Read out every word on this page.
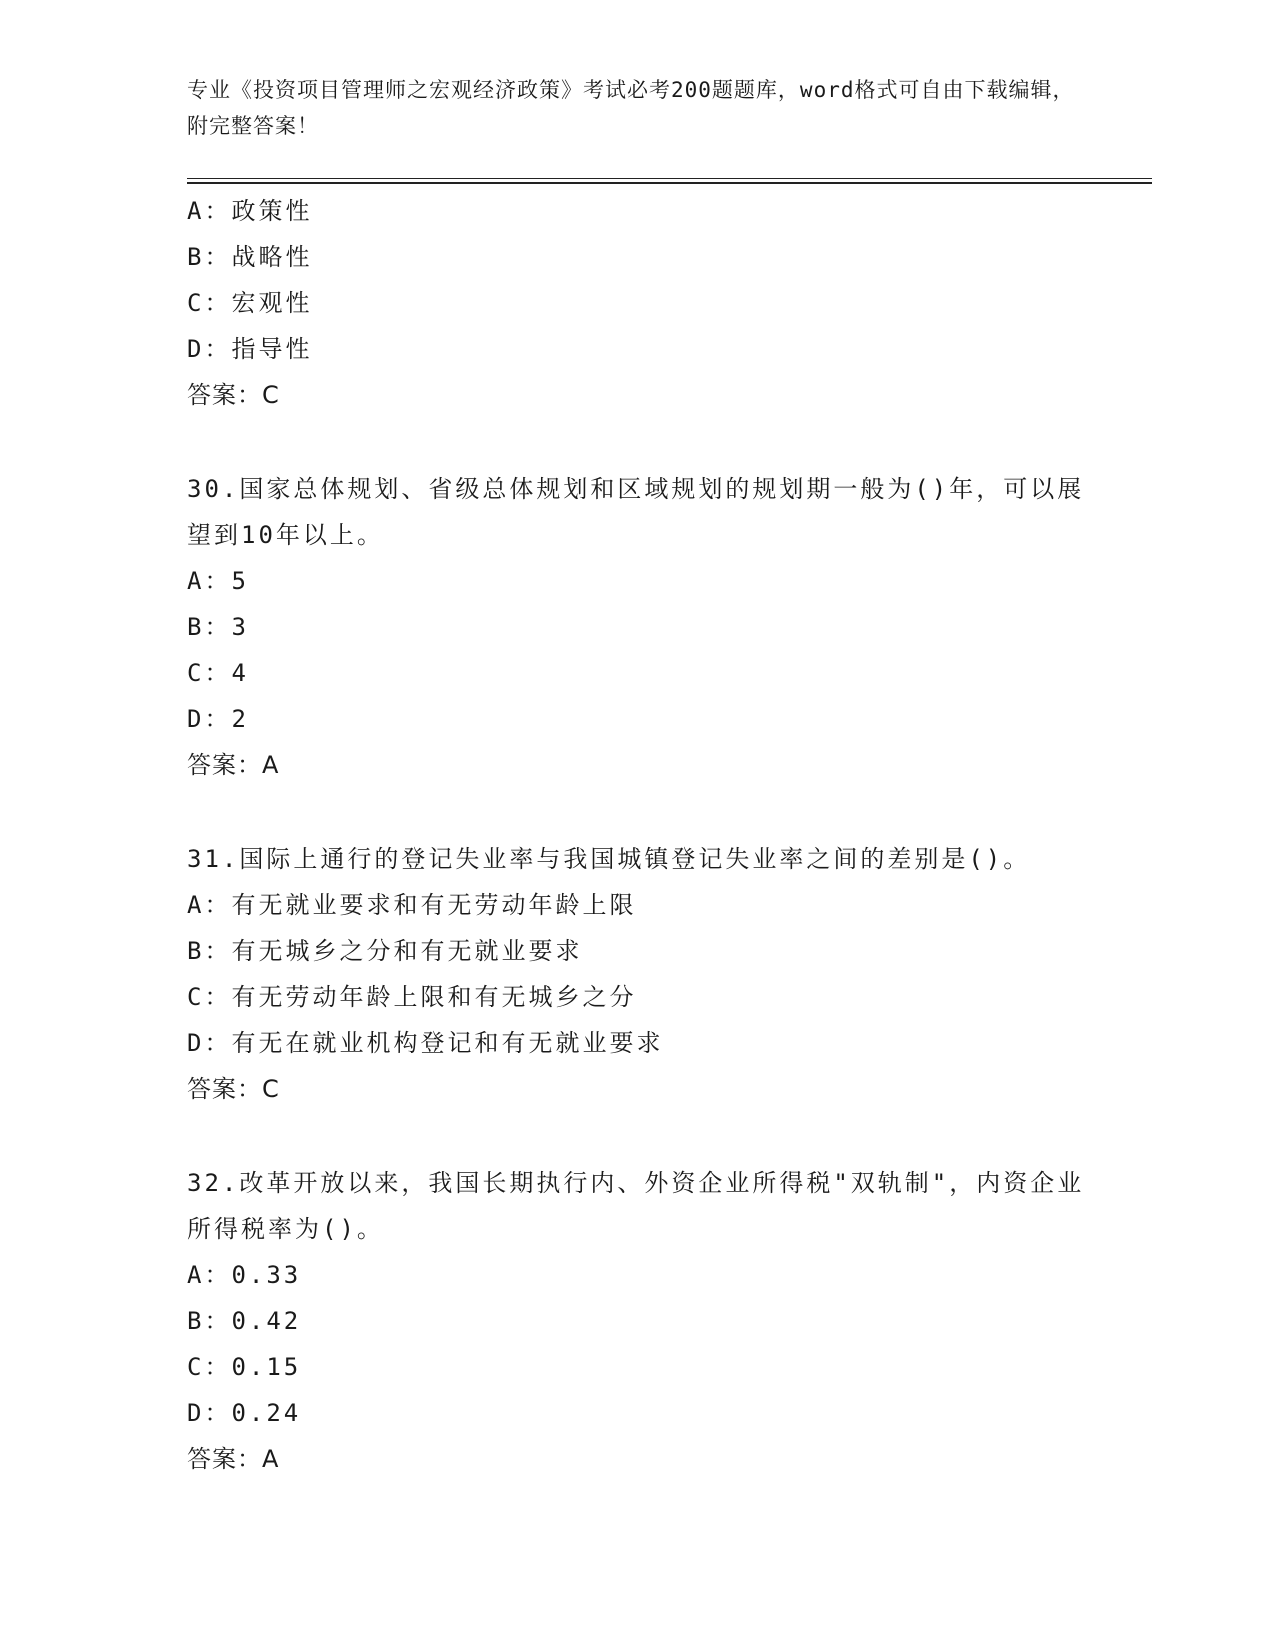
专业《投资项目管理师之宏观经济政策》考试必考200题题库，word格式可自由下载编辑，附完整答案！
A：政策性
B：战略性
C：宏观性
D：指导性
答案：C
30.国家总体规划、省级总体规划和区域规划的规划期一般为()年，可以展望到10年以上。
A：5
B：3
C：4
D：2
答案：A
31.国际上通行的登记失业率与我国城镇登记失业率之间的差别是()。
A：有无就业要求和有无劳动年龄上限
B：有无城乡之分和有无就业要求
C：有无劳动年龄上限和有无城乡之分
D：有无在就业机构登记和有无就业要求
答案：C
32.改革开放以来，我国长期执行内、外资企业所得税"双轨制"，内资企业所得税率为()。
A：0.33
B：0.42
C：0.15
D：0.24
答案：A
